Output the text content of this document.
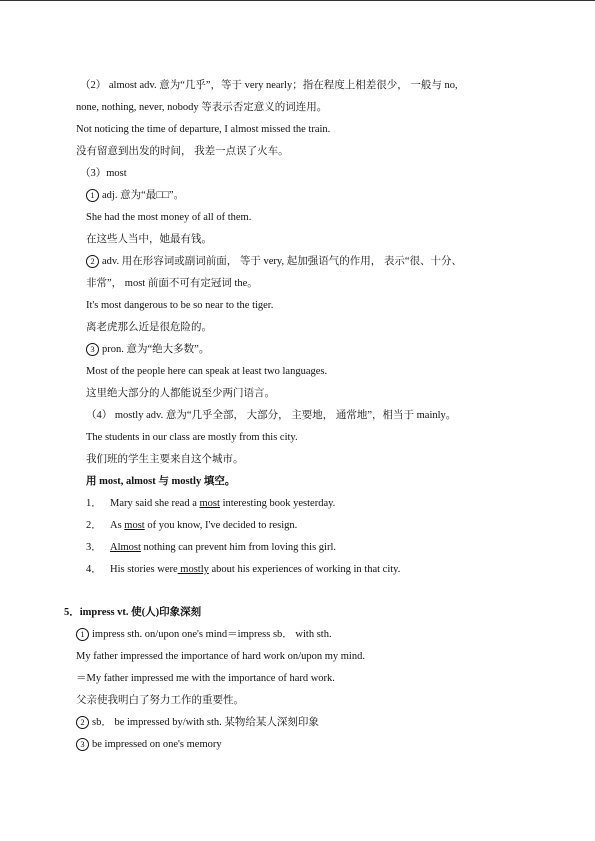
（2） almost adv. 意为“几乎”，等于 very nearly；指在程度上相差很少， 一般与 no,
none, nothing, never, nobody 等表示否定意义的词连用。
Not noticing the time of departure, I almost missed the train.
没有留意到出发的时间， 我差一点误了火车。
（3）most
1 adj. 意为“最□□”。
She had the most money of all of them.
在这些人当中，她最有钱。
2 adv. 用在形容词或副词前面， 等于 very, 起加强语气的作用， 表示“很、十分、
非常”， most 前面不可有定冠词 the。
It's most dangerous to be so near to the tiger.
离老虎那么近是很危险的。
3 pron. 意为“绝大多数”。
Most of the people here can speak at least two languages.
这里绝大部分的人都能说至少两门语言。
（4） mostly adv. 意为“几乎全部， 大部分， 主要地， 通常地”，相当于 mainly。
The students in our class are mostly from this city.
我们班的学生主要来自这个城市。
用 most, almost 与 mostly 填空。
1． Mary said she read a most interesting book yesterday.
2． As most of you know, I've decided to resign.
3． Almost nothing can prevent him from loving this girl.
4． His stories were mostly about his experiences of working in that city.
5．impress vt. 使(人)印象深刻
1 impress sth. on/upon one's mind＝impress sb． with sth.
My father impressed the importance of hard work on/upon my mind.
＝My father impressed me with the importance of hard work.
父亲使我明白了努力工作的重要性。
2 sb． be impressed by/with sth. 某物给某人深刻印象
3 be impressed on one's memory
